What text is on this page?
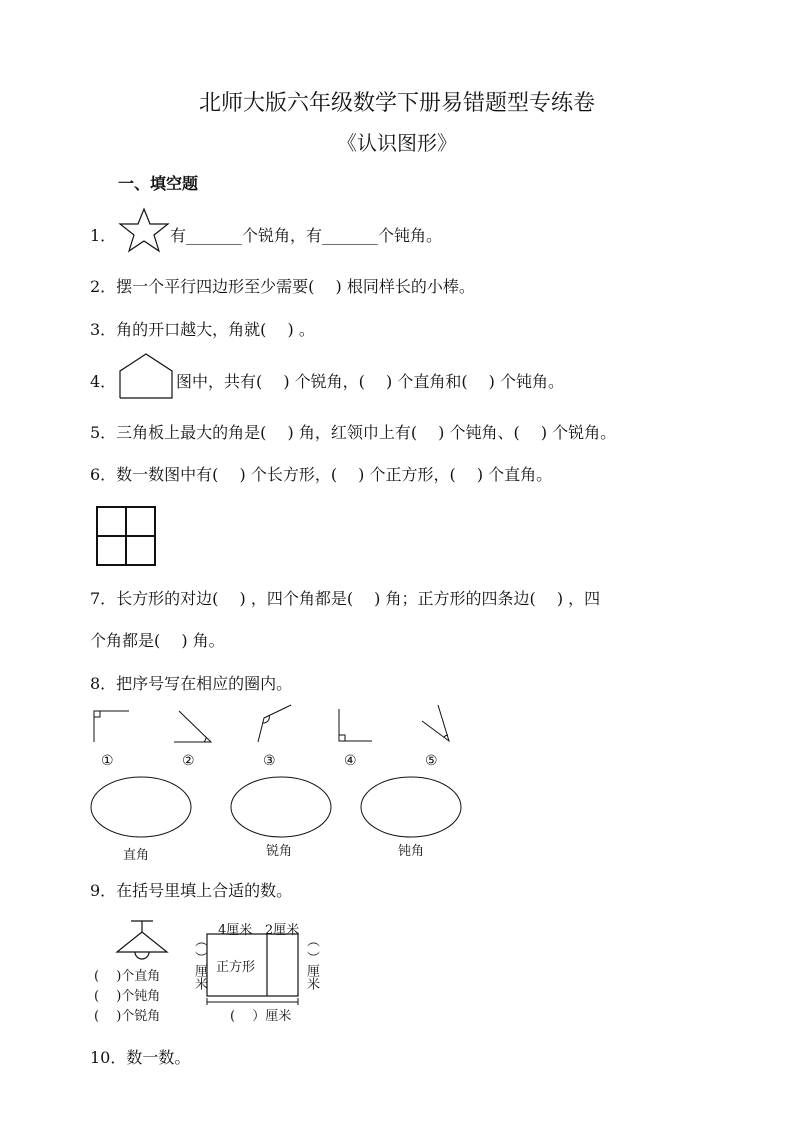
北师大版六年级数学下册易错题型专练卷
《认识图形》
一、填空题
1．	有_______个锐角，有_______个钝角。
2．摆一个平行四边形至少需要(　 ) 根同样长的小棒。
3．角的开口越大，角就(　 ) 。
4．	图中，共有(　 ) 个锐角，(　 ) 个直角和(　 ) 个钝角。
5．三角板上最大的角是(　 ) 角，红领巾上有(　 ) 个钝角、(　 ) 个锐角。
6．数一数图中有(　 ) 个长方形，(　 ) 个正方形，(　 ) 个直角。
7．长方形的对边(　 ) ，四个角都是(　 ) 角；正方形的四条边(　 ) ，四
个角都是(　 ) 角。
8．把序号写在相应的圈内。
①	②	③	④	⑤
直角	锐角	钝角
9．在括号里填上合适的数。
(　 )个直角
(　 )个钝角
(　 )个锐角
4厘米 2厘米
正方形
(　 ）厘米
（ ）厘米	（ ）厘米
10．数一数。
